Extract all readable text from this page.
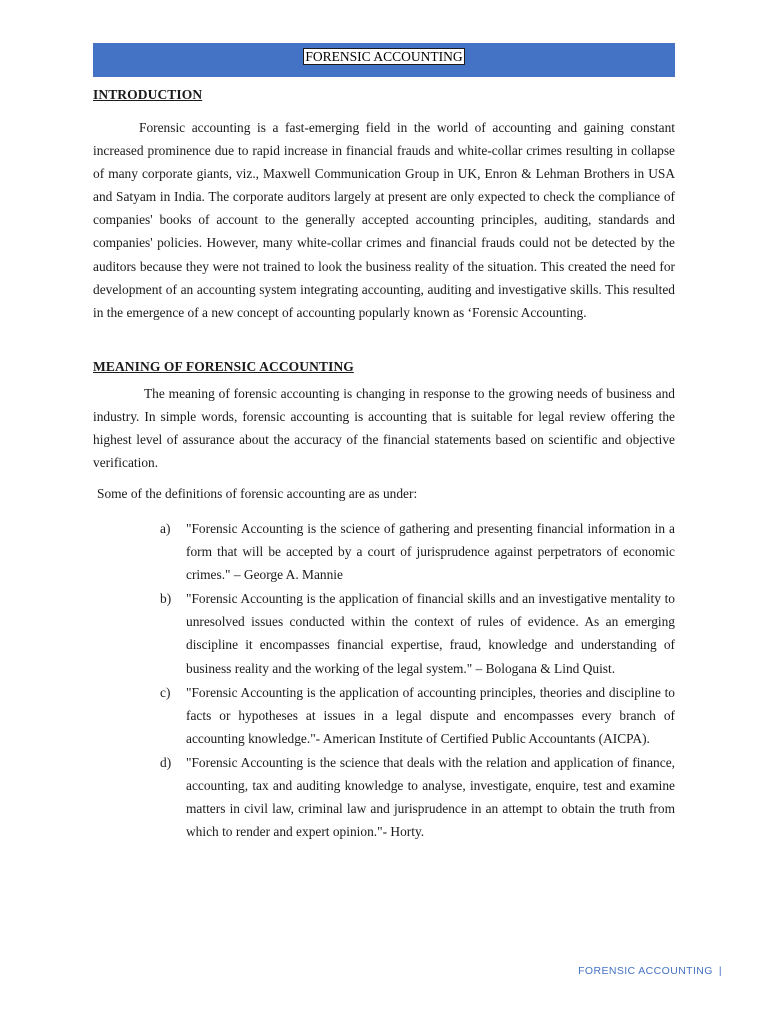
FORENSIC ACCOUNTING
INTRODUCTION

Forensic accounting is a fast-emerging field in the world of accounting and gaining constant increased prominence due to rapid increase in financial frauds and white-collar crimes resulting in collapse of many corporate giants, viz., Maxwell Communication Group in UK, Enron & Lehman Brothers in USA and Satyam in India. The corporate auditors largely at present are only expected to check the compliance of companies' books of account to the generally accepted accounting principles, auditing, standards and companies' policies. However, many white-collar crimes and financial frauds could not be detected by the auditors because they were not trained to look the business reality of the situation. This created the need for development of an accounting system integrating accounting, auditing and investigative skills. This resulted in the emergence of a new concept of accounting popularly known as ‘Forensic Accounting.

MEANING OF FORENSIC ACCOUNTING

The meaning of forensic accounting is changing in response to the growing needs of business and industry. In simple words, forensic accounting is accounting that is suitable for legal review offering the highest level of assurance about the accuracy of the financial statements based on scientific and objective verification.

Some of the definitions of forensic accounting are as under:

a) "Forensic Accounting is the science of gathering and presenting financial information in a form that will be accepted by a court of jurisprudence against perpetrators of economic crimes." – George A. Mannie

b) "Forensic Accounting is the application of financial skills and an investigative mentality to unresolved issues conducted within the context of rules of evidence. As an emerging discipline it encompasses financial expertise, fraud, knowledge and understanding of business reality and the working of the legal system." – Bologana & Lind Quist.

c) "Forensic Accounting is the application of accounting principles, theories and discipline to facts or hypotheses at issues in a legal dispute and encompasses every branch of accounting knowledge."- American Institute of Certified Public Accountants (AICPA).

d) "Forensic Accounting is the science that deals with the relation and application of finance, accounting, tax and auditing knowledge to analyse, investigate, enquire, test and examine matters in civil law, criminal law and jurisprudence in an attempt to obtain the truth from which to render and expert opinion."- Horty.

FORENSIC ACCOUNTING |
